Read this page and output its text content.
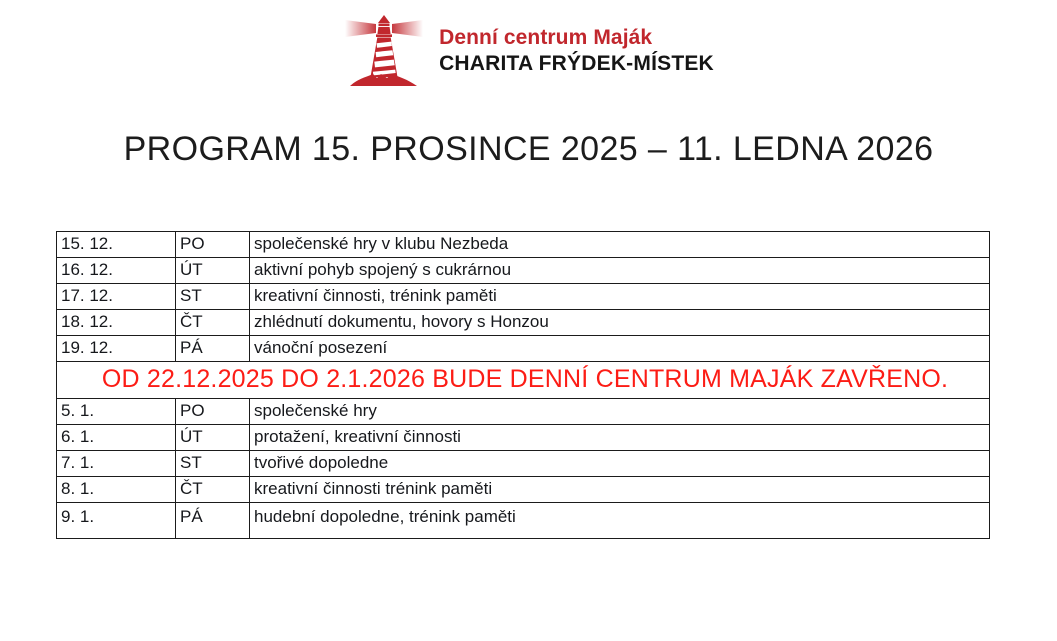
Denní centrum Maják
CHARITA FRÝDEK-MÍSTEK
PROGRAM 15. PROSINCE 2025 – 11. LEDNA 2026
15. 12.	PO	společenské hry v klubu Nezbeda
16. 12.	ÚT	aktivní pohyb spojený s cukrárnou
17. 12.	ST	kreativní činnosti, trénink paměti
18. 12.	ČT	zhlédnutí dokumentu, hovory s Honzou
19. 12.	PÁ	vánoční posezení

OD 22.12.2025 DO 2.1.2026 BUDE DENNÍ CENTRUM MAJÁK ZAVŘENO.		

5. 1.	PO	společenské hry
6. 1.	ÚT	protažení, kreativní činnosti
7. 1.	ST	tvořivé dopoledne
8. 1.	ČT	kreativní činnosti trénink paměti
9. 1.	PÁ	hudební dopoledne, trénink paměti
